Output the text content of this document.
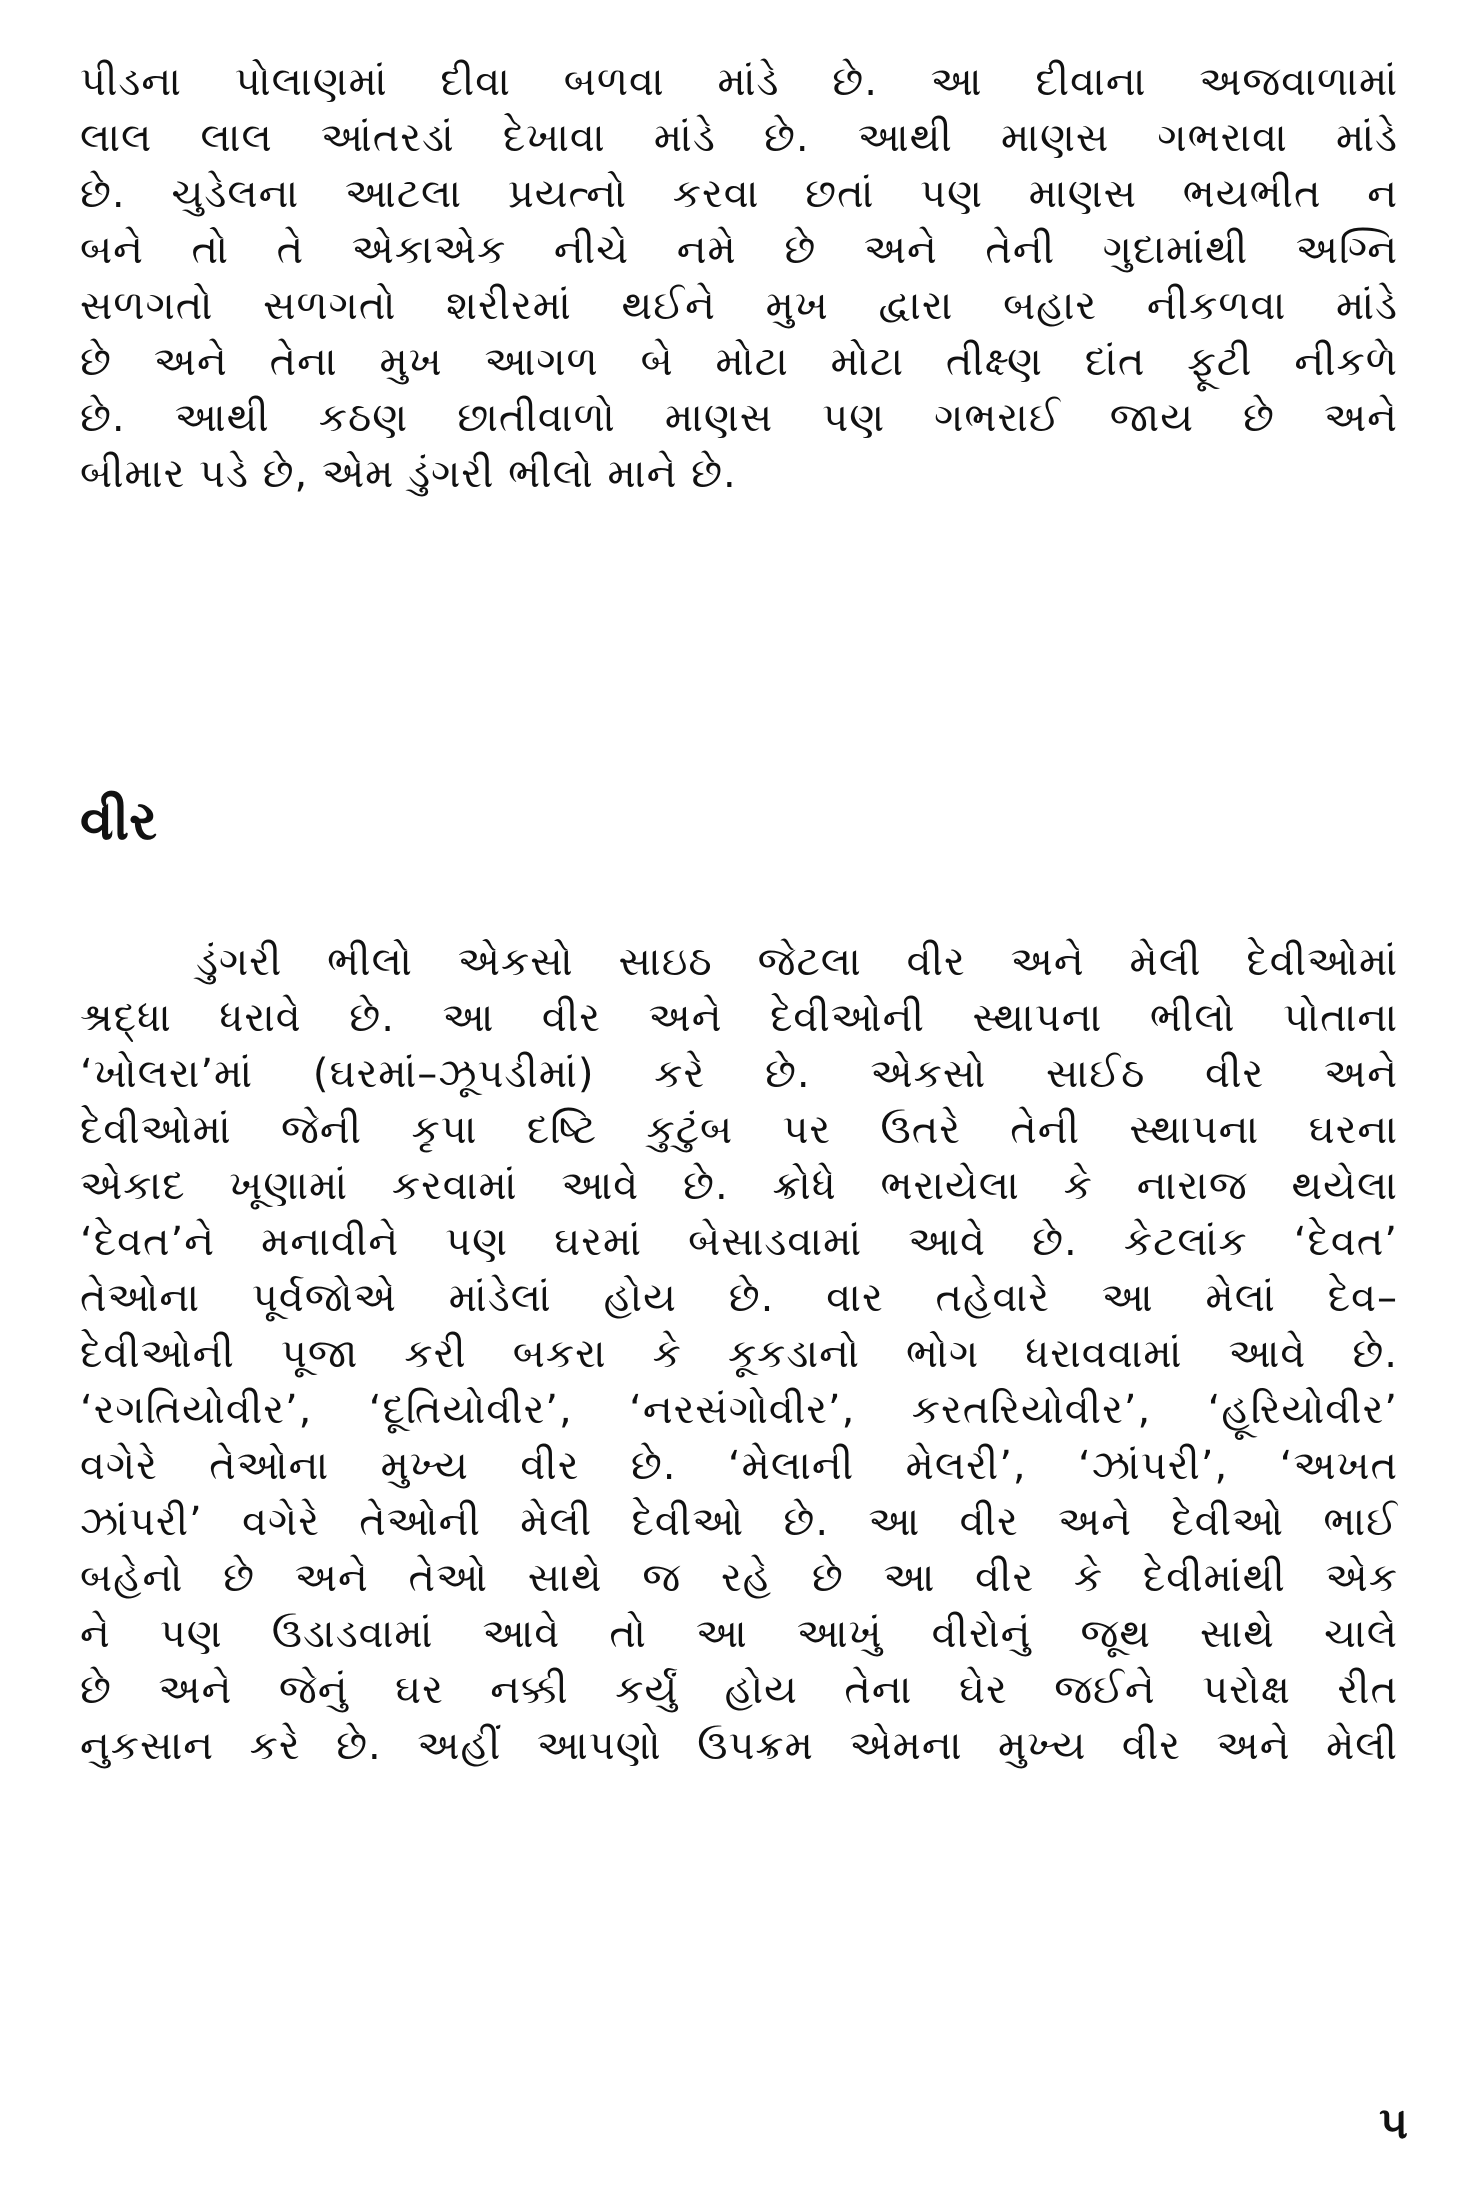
પીડના પોલાણમાં દીવા બળવા માંડે છે. આ દીવાના અજવાળામાં
લાલ લાલ આંતરડાં દેખાવા માંડે છે. આથી માણસ ગભરાવા માંડે
છે. ચુડેલના આટલા પ્રયત્નો કરવા છતાં પણ માણસ ભયભીત ન
બને તો તે એકાએક નીચે નમે છે અને તેની ગુદામાંથી અગ્નિ
સળગતો સળગતો શરીરમાં થઈને મુખ દ્વારા બહાર નીકળવા માંડે
છે અને તેના મુખ આગળ બે મોટા મોટા તીક્ષ્ણ દાંત ફૂટી નીકળે
છે. આથી કઠણ છાતીવાળો માણસ પણ ગભરાઈ જાય છે અને
બીમાર પડે છે, એમ ડુંગરી ભીલો માને છે.
વીર
ડુંગરી ભીલો એકસો સાઇઠ જેટલા વીર અને મેલી દેવીઓમાં
શ્રદ્ધા ધરાવે છે. આ વીર અને દેવીઓની સ્થાપના ભીલો પોતાના
‘ખોલરા’માં (ઘરમાં–ઝૂપડીમાં) કરે છે. એકસો સાઈઠ વીર અને
દેવીઓમાં જેની કૃપા દષ્ટિ કુટુંબ પર ઉતરે તેની સ્થાપના ઘરના
એકાદ ખૂણામાં કરવામાં આવે છે. ક્રોધે ભરાયેલા કે નારાજ થયેલા
‘દેવત’ને મનાવીને પણ ઘરમાં બેસાડવામાં આવે છે. કેટલાંક ‘દેવત’
તેઓના પૂર્વજોએ માંડેલાં હોય છે. વાર તહેવારે આ મેલાં દેવ–
દેવીઓની પૂજા કરી બકરા કે કૂકડાનો ભોગ ધરાવવામાં આવે છે.
‘રગતિયોવીર’, ‘દૂતિયોવીર’, ‘નરસંગોવીર’, કરતરિયોવીર’, ‘હૂરિયોવીર’
વગેરે તેઓના મુખ્ય વીર છે. ‘મેલાની મેલરી’, ‘ઝાંપરી’, ‘અખત
ઝાંપરી’ વગેરે તેઓની મેલી દેવીઓ છે. આ વીર અને દેવીઓ ભાઈ
બહેનો છે અને તેઓ સાથે જ રહે છે આ વીર કે દેવીમાંથી એક
ને પણ ઉડાડવામાં આવે તો આ આખું વીરોનું જૂથ સાથે ચાલે
છે અને જેનું ઘર નક્કી કર્યું હોય તેના ઘેર જઈને પરોક્ષ રીત
નુકસાન કરે છે. અહીં આપણો ઉપક્રમ એમના મુખ્ય વીર અને મેલી
૫
